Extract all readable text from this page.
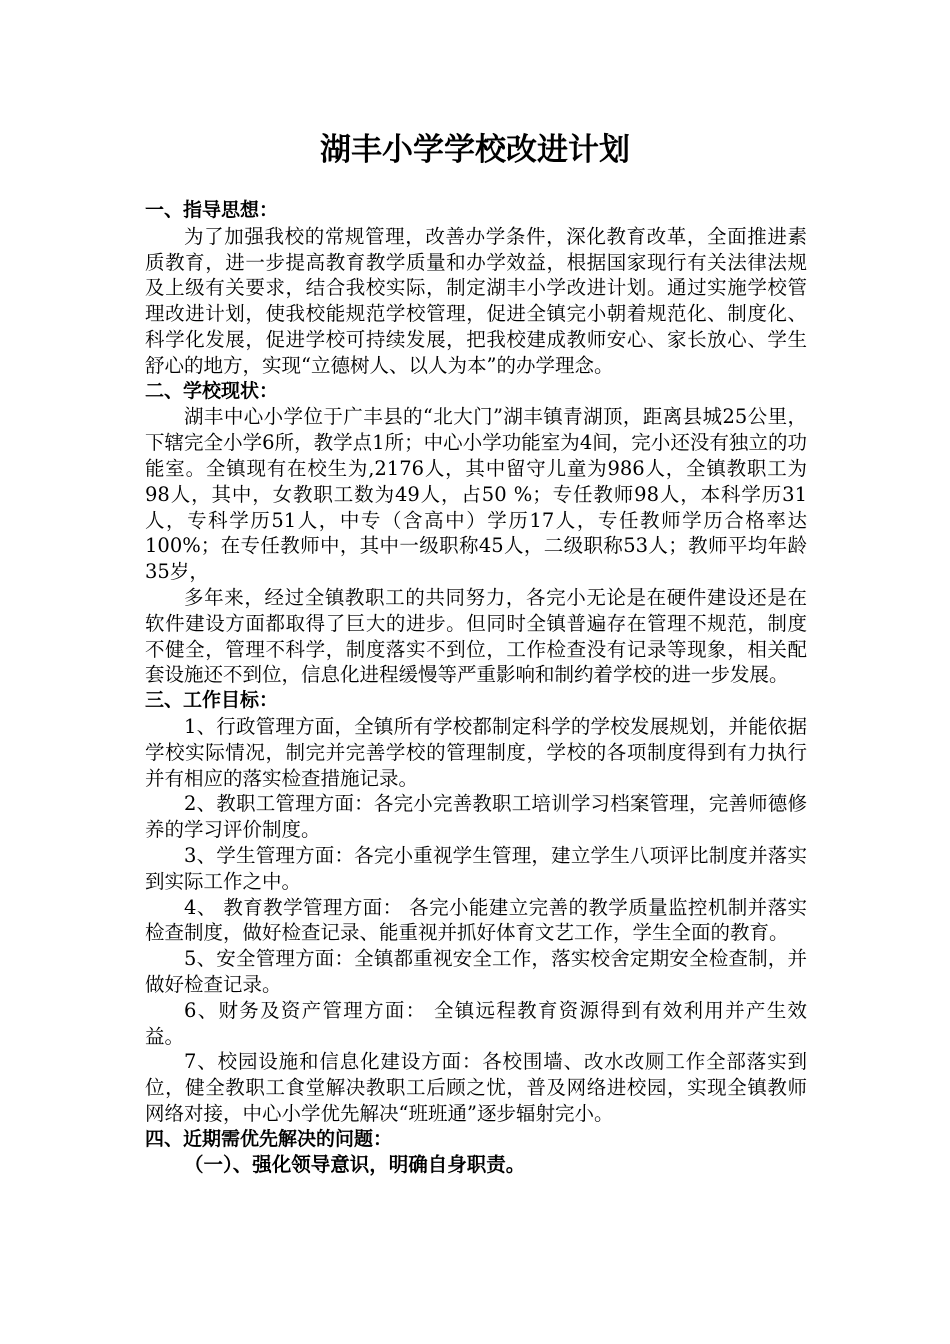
湖丰小学学校改进计划
一、指导思想：

为了加强我校的常规管理，改善办学条件，深化教育改革，全面推进素质教育，进一步提高教育教学质量和办学效益，根据国家现行有关法律法规及上级有关要求，结合我校实际，制定湖丰小学改进计划。通过实施学校管理改进计划，使我校能规范学校管理，促进全镇完小朝着规范化、制度化、科学化发展，促进学校可持续发展，把我校建成教师安心、家长放心、学生舒心的地方，实现“立德树人、以人为本”的办学理念。

二、学校现状：

湖丰中心小学位于广丰县的“北大门”湖丰镇青湖顶，距离县城25公里，下辖完全小学6所，教学点1所；中心小学功能室为4间，完小还没有独立的功能室。全镇现有在校生为,2176人，其中留守儿童为986人，全镇教职工为98人，其中，女教职工数为49人，占50 %；专任教师98人，本科学历31人，专科学历51人，中专（含高中）学历17人，专任教师学历合格率达100%；在专任教师中，其中一级职称45人，二级职称53人；教师平均年龄35岁，

多年来，经过全镇教职工的共同努力，各完小无论是在硬件建设还是在软件建设方面都取得了巨大的进步。但同时全镇普遍存在管理不规范，制度不健全，管理不科学，制度落实不到位，工作检查没有记录等现象，相关配套设施还不到位，信息化进程缓慢等严重影响和制约着学校的进一步发展。

三、工作目标：

1、行政管理方面，全镇所有学校都制定科学的学校发展规划，并能依据学校实际情况，制完并完善学校的管理制度，学校的各项制度得到有力执行并有相应的落实检查措施记录。

2、教职工管理方面：各完小完善教职工培训学习档案管理，完善师德修养的学习评价制度。

3、学生管理方面：各完小重视学生管理，建立学生八项评比制度并落实到实际工作之中。

4、 教育教学管理方面： 各完小能建立完善的教学质量监控机制并落实检查制度，做好检查记录、能重视并抓好体育文艺工作，学生全面的教育。

5、安全管理方面：全镇都重视安全工作，落实校舍定期安全检查制，并做好检查记录。

6、财务及资产管理方面： 全镇远程教育资源得到有效利用并产生效益。

7、校园设施和信息化建设方面：各校围墙、改水改厕工作全部落实到位，健全教职工食堂解决教职工后顾之忧，普及网络进校园，实现全镇教师网络对接，中心小学优先解决“班班通”逐步辐射完小。

四、近期需优先解决的问题：
（一）、强化领导意识，明确自身职责。
